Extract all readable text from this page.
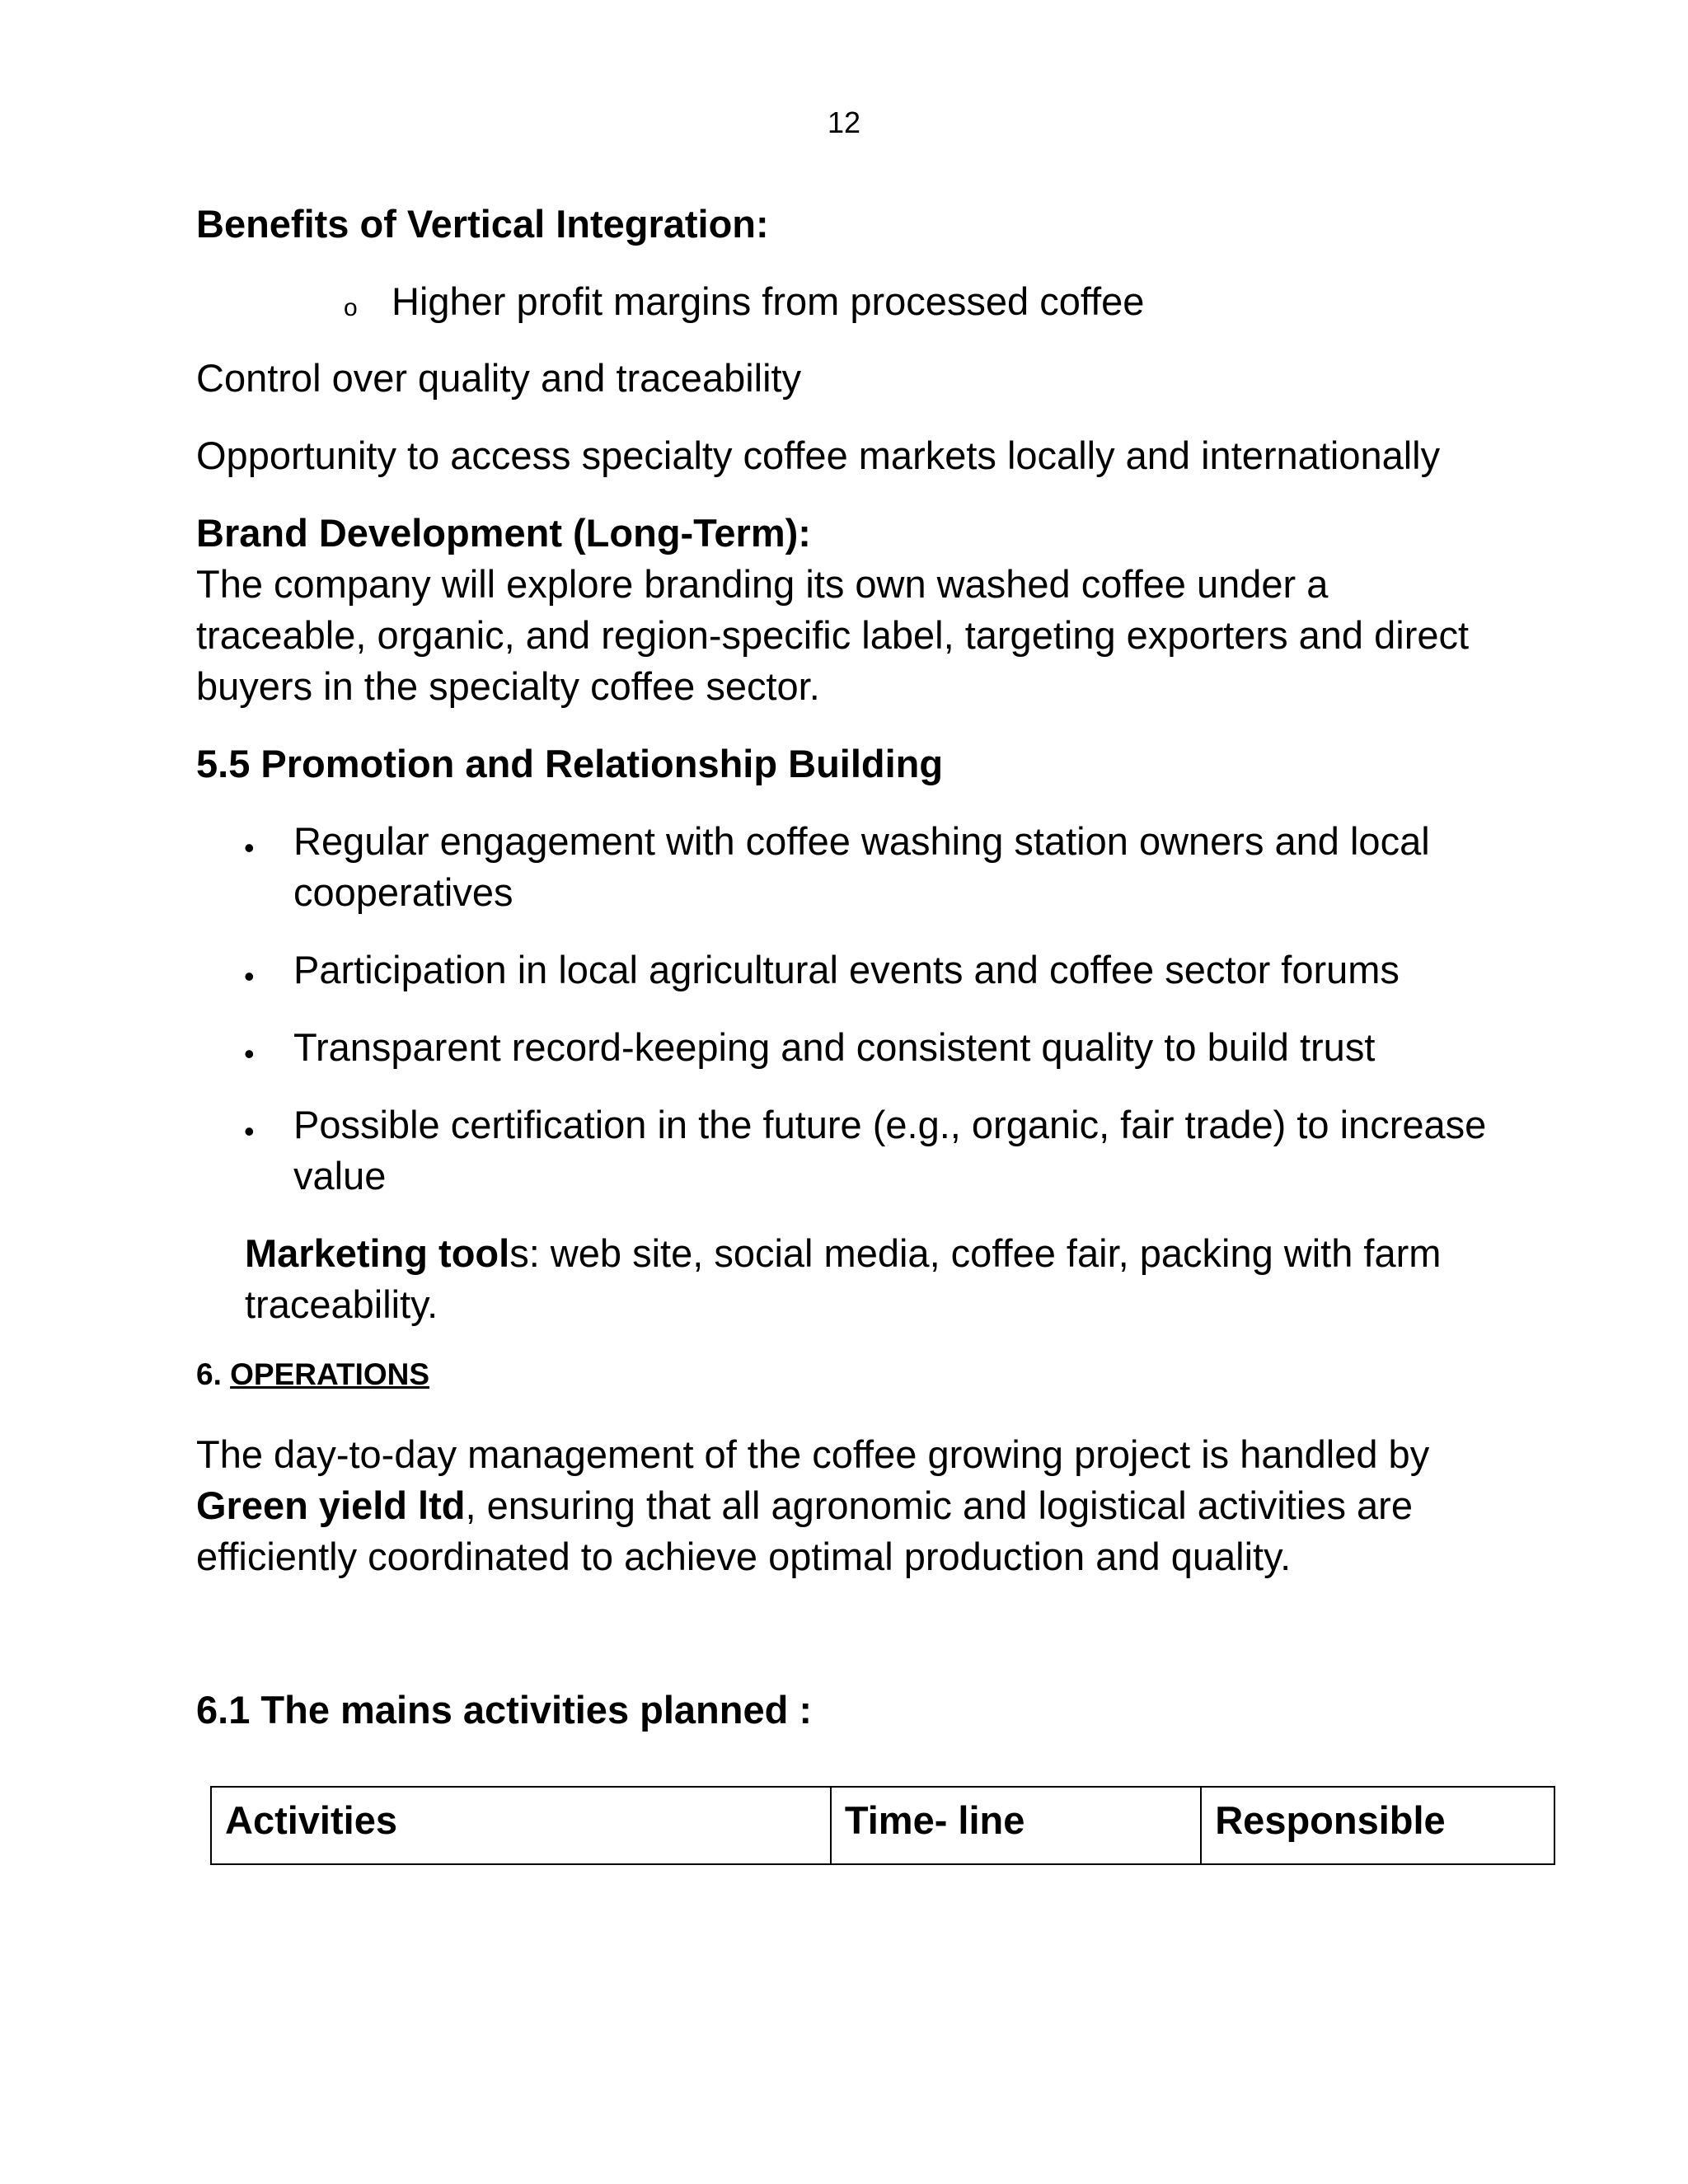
12
Benefits of Vertical Integration:
o Higher profit margins from processed coffee
Control over quality and traceability
Opportunity to access specialty coffee markets locally and internationally
Brand Development (Long-Term):
The company will explore branding its own washed coffee under a
traceable, organic, and region-specific label, targeting exporters and direct
buyers in the specialty coffee sector.
5.5 Promotion and Relationship Building
• Regular engagement with coffee washing station owners and local
cooperatives
• Participation in local agricultural events and coffee sector forums
• Transparent record-keeping and consistent quality to build trust
• Possible certification in the future (e.g., organic, fair trade) to increase
value
Marketing tools: web site, social media, coffee fair, packing with farm
traceability.
6. OPERATIONS
The day-to-day management of the coffee growing project is handled by
Green yield ltd, ensuring that all agronomic and logistical activities are
efficiently coordinated to achieve optimal production and quality.
6.1 The mains activities planned :
Activities	Time- line	Responsible
